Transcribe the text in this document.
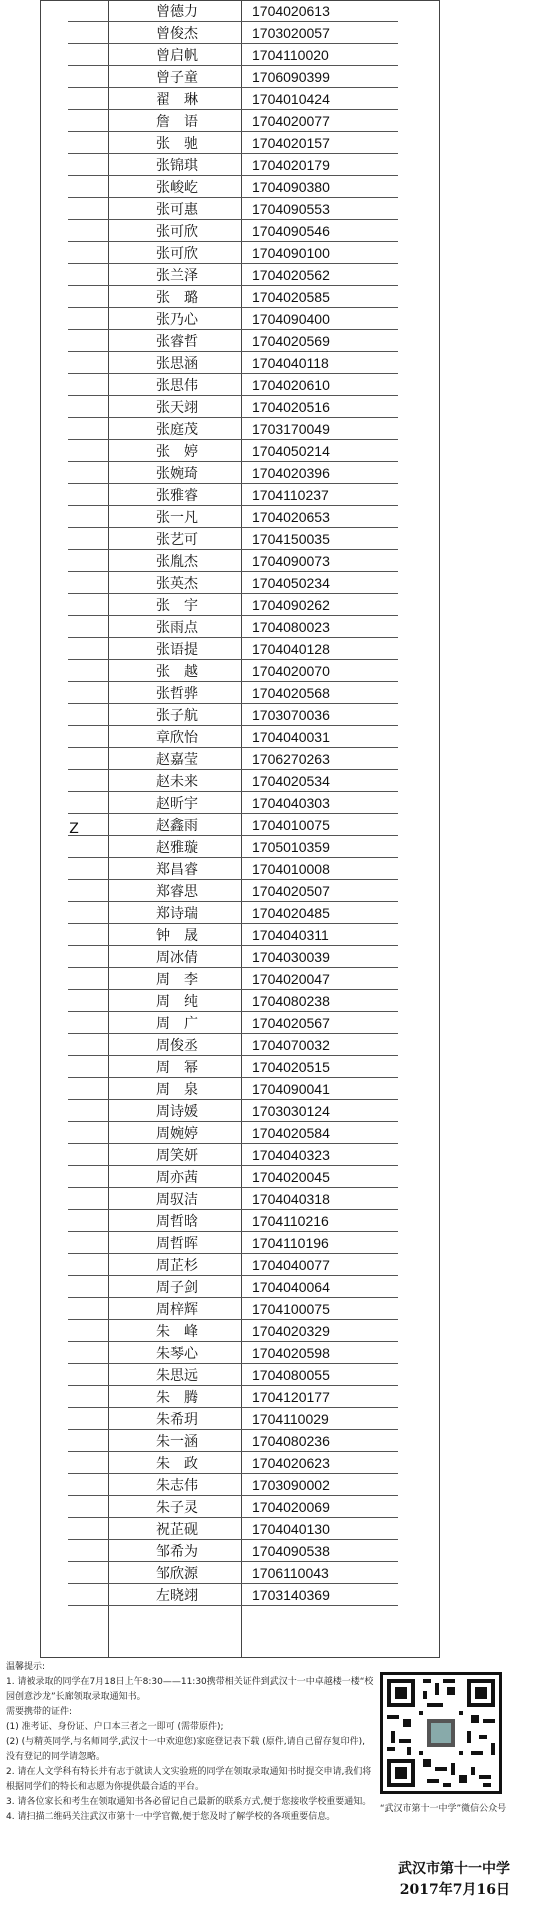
Z
曾德力	1704020613
曾俊杰	1703020057
曾启帆	1704110020
曾子童	1706090399
翟　琳	1704010424
詹　语	1704020077
张　驰	1704020157
张锦琪	1704020179
张峻屹	1704090380
张可惠	1704090553
张可欣	1704090546
张可欣	1704090100
张兰泽	1704020562
张　璐	1704020585
张乃心	1704090400
张睿哲	1704020569
张思涵	1704040118
张思伟	1704020610
张天翊	1704020516
张庭茂	1703170049
张　婷	1704050214
张婉琦	1704020396
张雅睿	1704110237
张一凡	1704020653
张艺可	1704150035
张胤杰	1704090073
张英杰	1704050234
张　宇	1704090262
张雨点	1704080023
张语提	1704040128
张　越	1704020070
张哲骅	1704020568
张子航	1703070036
章欣怡	1704040031
赵嘉莹	1706270263
赵未来	1704020534
赵昕宇	1704040303
赵鑫雨	1704010075
赵雅璇	1705010359
郑昌睿	1704010008
郑睿思	1704020507
郑诗瑞	1704020485
钟　晟	1704040311
周冰倩	1704030039
周　李	1704020047
周　纯	1704080238
周　广	1704020567
周俊丞	1704070032
周　幂	1704020515
周　泉	1704090041
周诗媛	1703030124
周婉婷	1704020584
周笑妍	1704040323
周亦茜	1704020045
周驭洁	1704040318
周哲晗	1704110216
周哲晖	1704110196
周芷杉	1704040077
周子剑	1704040064
周梓辉	1704100075
朱　峰	1704020329
朱琴心	1704020598
朱思远	1704080055
朱　腾	1704120177
朱希玥	1704110029
朱一涵	1704080236
朱　政	1704020623
朱志伟	1703090002
朱子灵	1704020069
祝芷砚	1704040130
邹希为	1704090538
邹欣源	1706110043
左晓翊	1703140369

温馨提示:

1. 请被录取的同学在7月18日上午8:30——11:30携带相关证件到武汉十一中卓越楼一楼“校园创意沙龙”长廊领取录取通知书。

需要携带的证件:

(1) 准考证、身份证、户口本三者之一即可 (需带原件);

(2) (与精英同学,与名师同学,武汉十一中欢迎您)家庭登记表下载 (原件,请自己留存复印件), 没有登记的同学请忽略。

2. 请在人文学科有特长并有志于就读人文实验班的同学在领取录取通知书时提交申请,我们将根据同学们的特长和志愿为你提供最合适的平台。

3. 请各位家长和考生在领取通知书各必留记自己最新的联系方式,便于您接收学校重要通知。

4. 请扫描二维码关注武汉市第十一中学官微,便于您及时了解学校的各项重要信息。

“武汉市第十一中学”微信公众号
武汉市第十一中学
2017年7月16日
